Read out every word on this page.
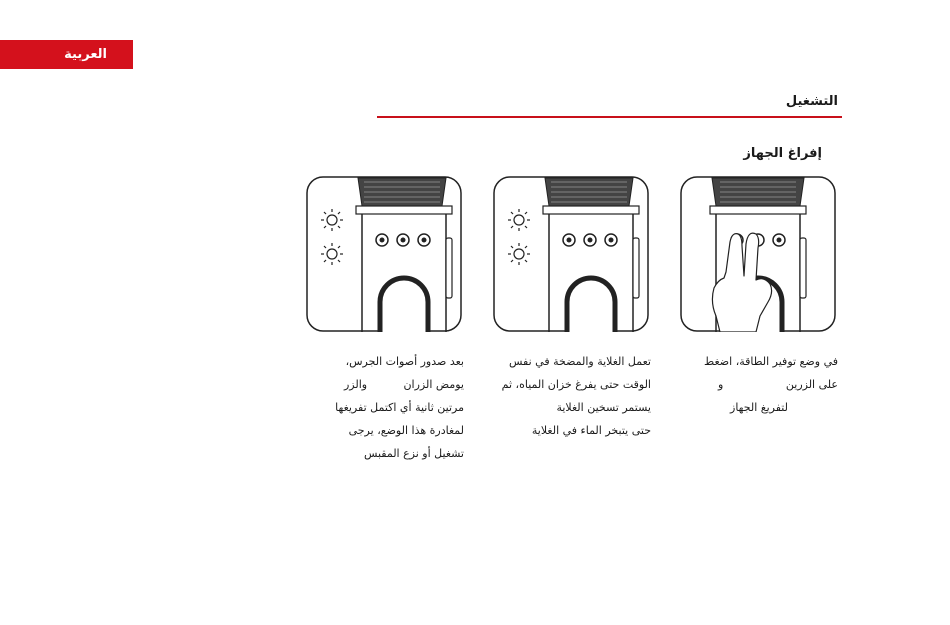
العربية
التشغيل
إفراغ الجهاز
في وضع توفير الطاقة، اضغط
على الزرين
و
لتفريغ الجهاز
تعمل الغلاية والمضخة في نفس
الوقت حتى يفرغ خزان المياه، ثم
يستمر تسخين الغلاية
حتى يتبخر الماء في الغلاية
بعد صدور أصوات الجرس،
يومض الزران
والزر
مرتين ثانية أي اكتمل تفريغها
لمغادرة هذا الوضع، يرجى
تشغيل أو نزع المقبس
